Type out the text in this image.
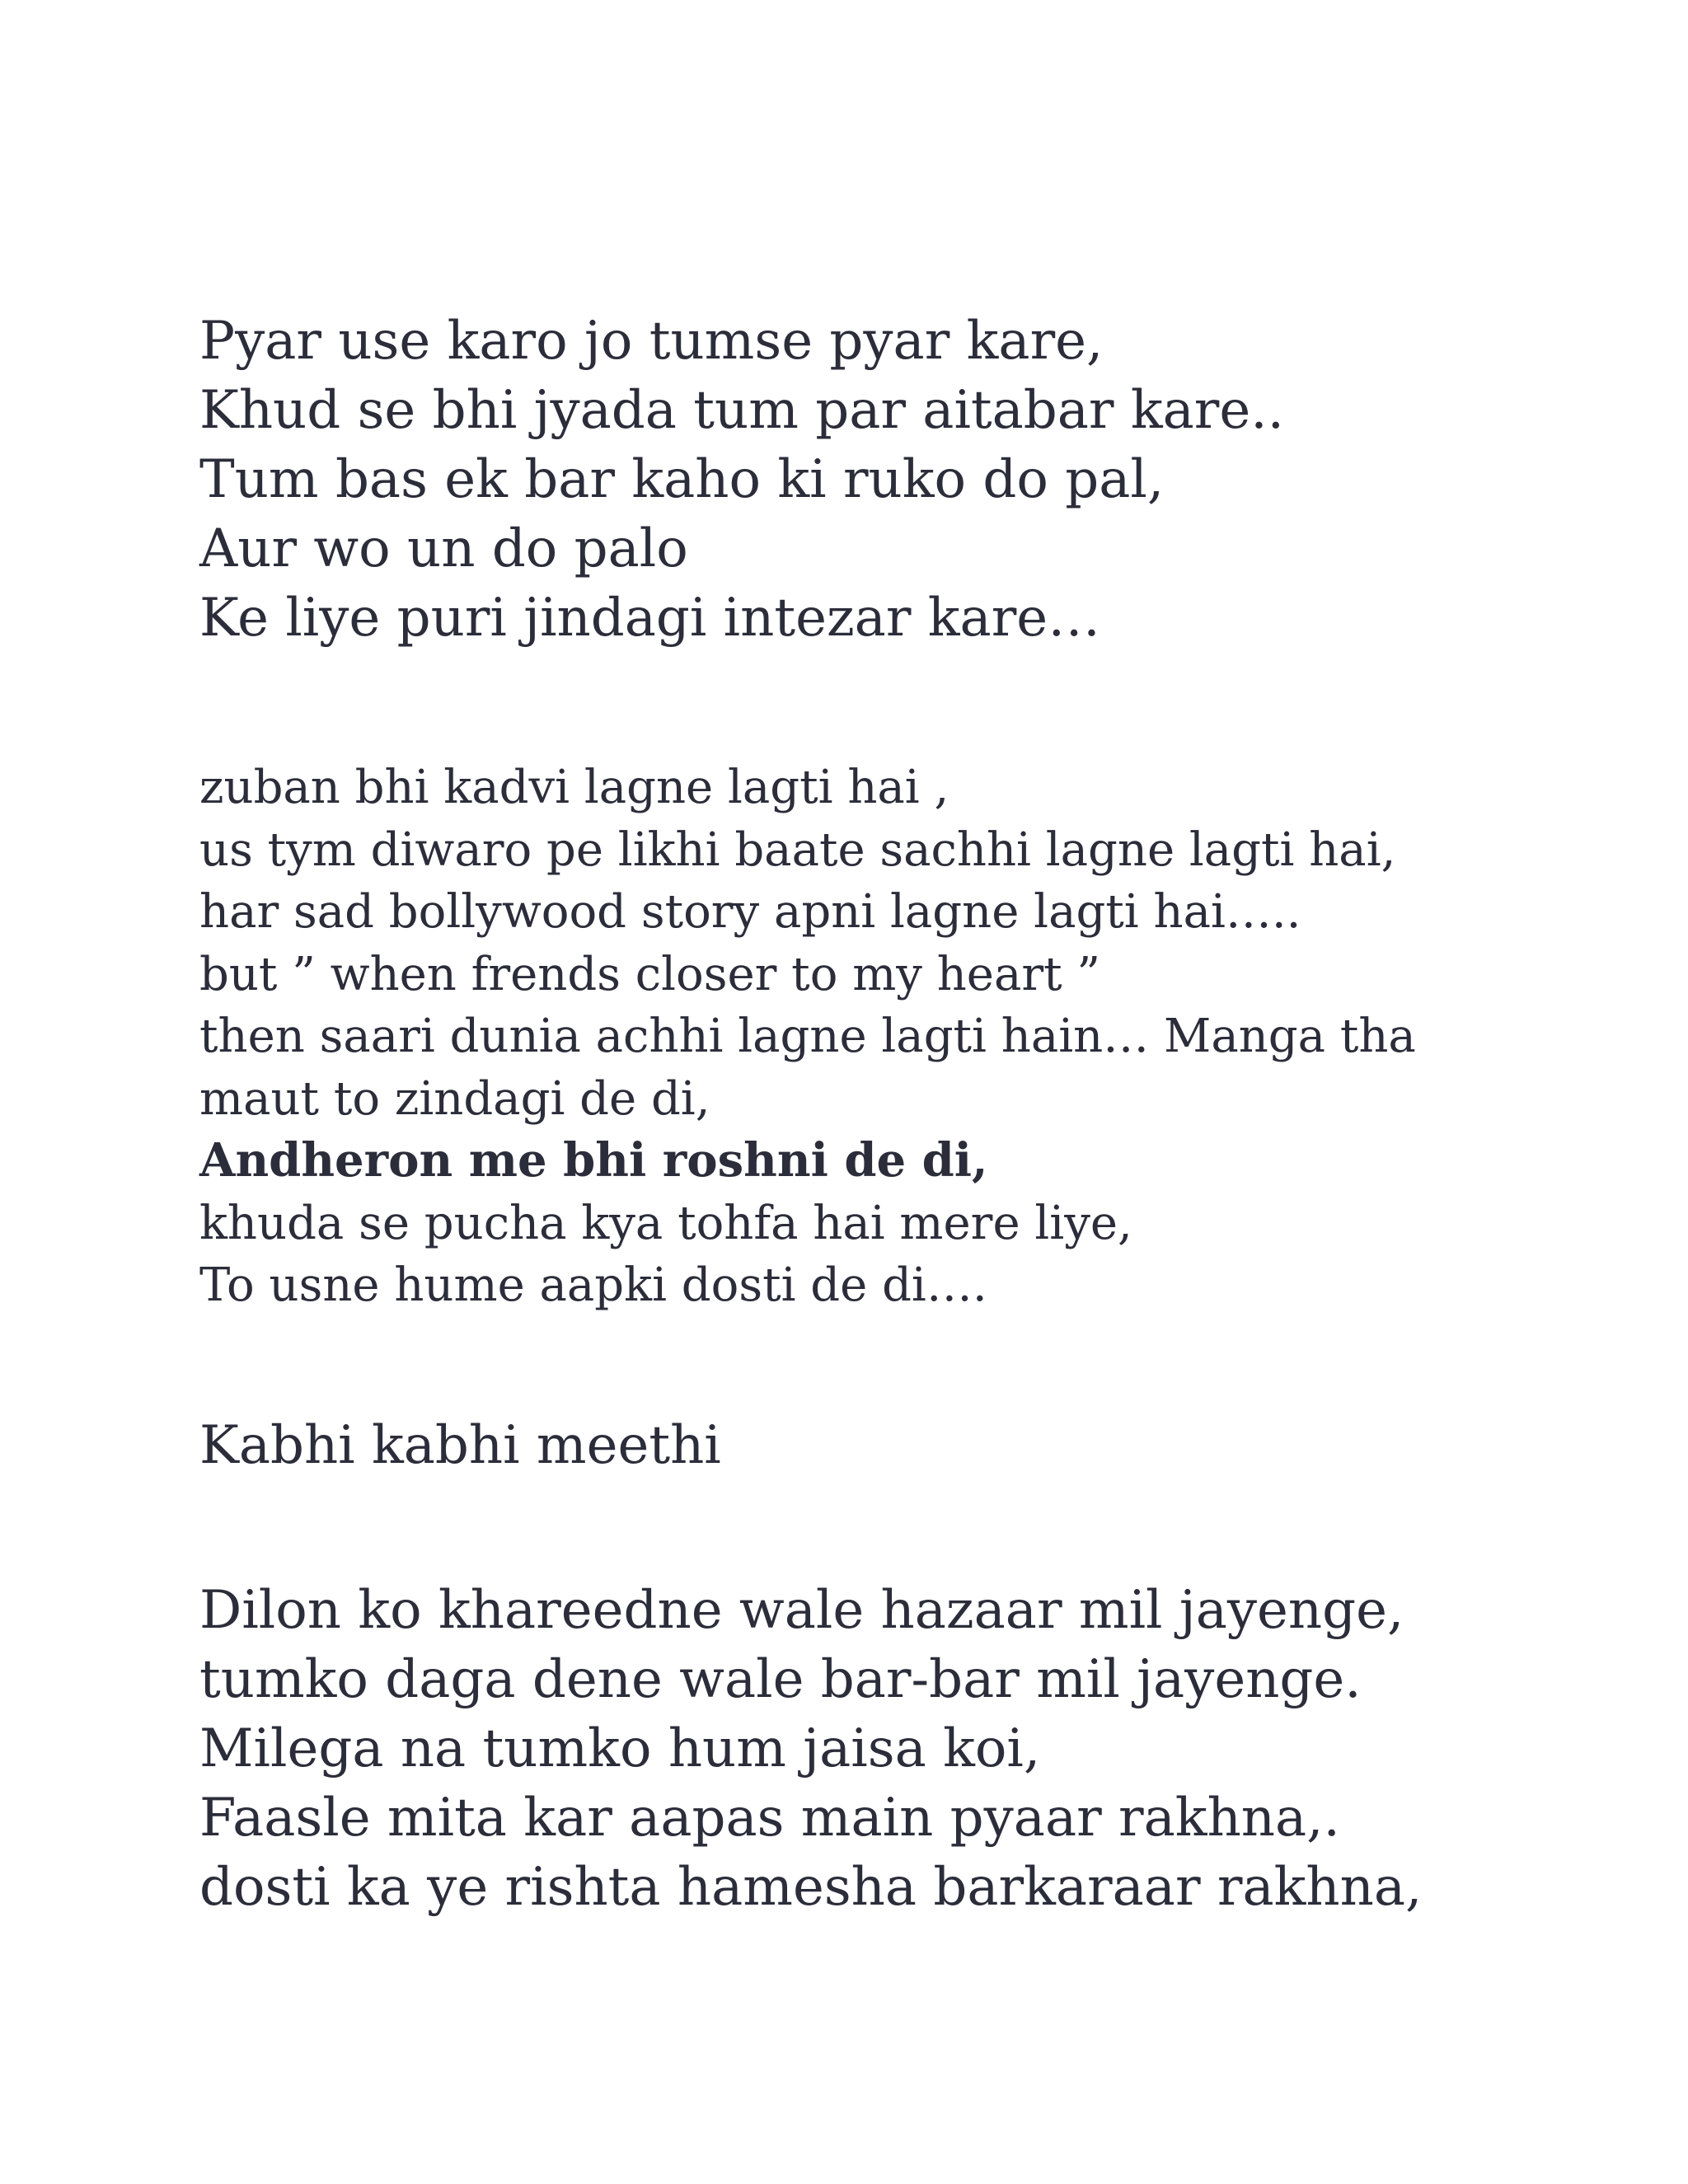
Pyar use karo jo tumse pyar kare,
Khud se bhi jyada tum par aitabar kare..
Tum bas ek bar kaho ki ruko do pal,
Aur wo un do palo
Ke liye puri jindagi intezar kare…
zuban bhi kadvi lagne lagti hai ,
us tym diwaro pe likhi baate sachhi lagne lagti hai,
har sad bollywood story apni lagne lagti hai…..
but ” when frends closer to my heart ”
then saari dunia achhi lagne lagti hain… Manga tha
maut to zindagi de di,
Andheron me bhi roshni de di,
khuda se pucha kya tohfa hai mere liye,
To usne hume aapki dosti de di….
Kabhi kabhi meethi
Dilon ko khareedne wale hazaar mil jayenge,
tumko daga dene wale bar-bar mil jayenge.
Milega na tumko hum jaisa koi,
Faasle mita kar aapas main pyaar rakhna,.
dosti ka ye rishta hamesha barkaraar rakhna,
